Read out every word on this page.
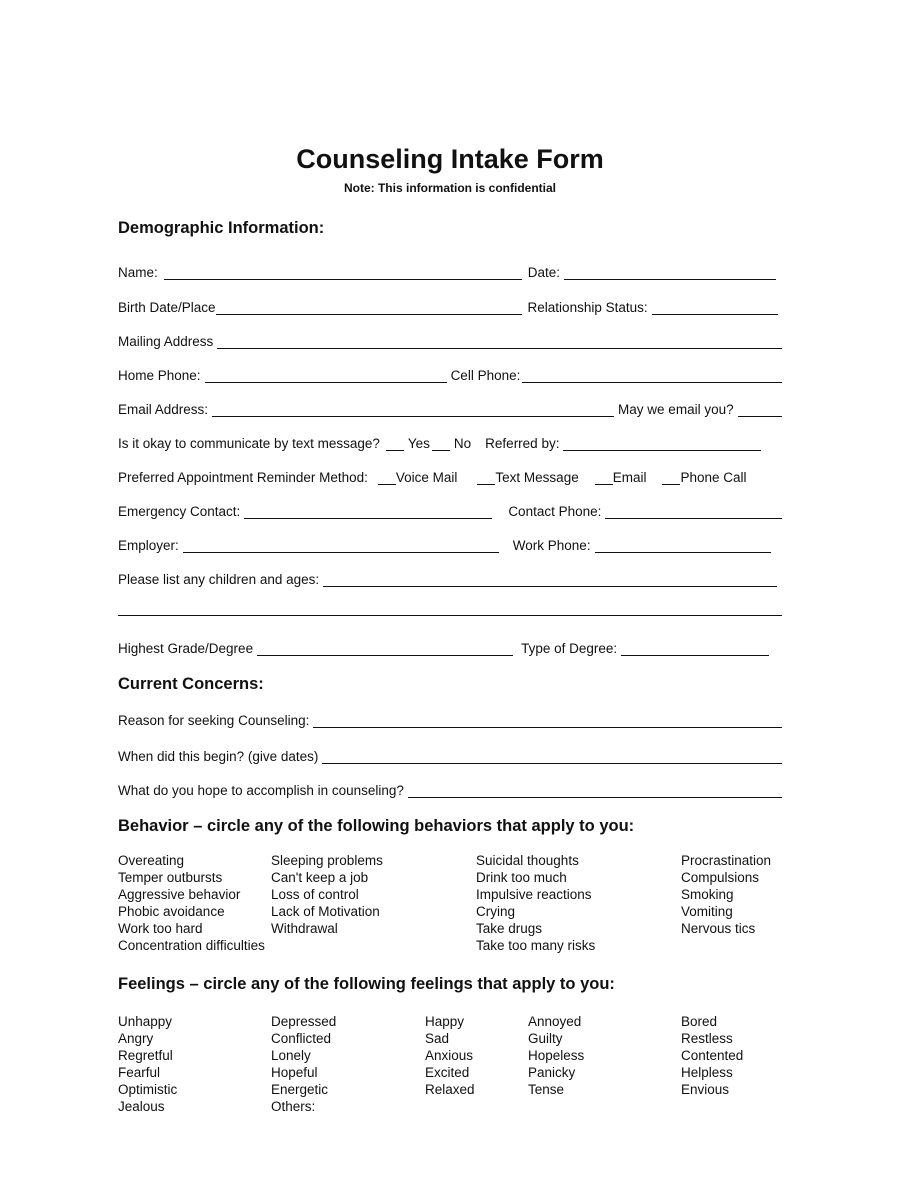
Counseling Intake Form
Note: This information is confidential
Demographic Information:
Name:	Date:
Birth Date/Place	Relationship Status:
Mailing Address
Home Phone:	Cell Phone:
Email Address:	May we email you?
Is it okay to communicate by text message? Yes No Referred by:
Preferred Appointment Reminder Method: Voice Mail	Text Message	Email	Phone Call
Emergency Contact:	Contact Phone:
Employer:	Work Phone:
Please list any children and ages:
Highest Grade/Degree	Type of Degree:
Current Concerns:
Reason for seeking Counseling:
When did this begin? (give dates)
What do you hope to accomplish in counseling?
Behavior – circle any of the following behaviors that apply to you:
Overeating
Temper outbursts
Aggressive behavior
Phobic avoidance
Work too hard
Concentration difficulties
Sleeping problems
Can't keep a job
Loss of control
Lack of Motivation
Withdrawal
Suicidal thoughts
Drink too much
Impulsive reactions
Crying
Take drugs
Take too many risks
Procrastination
Compulsions
Smoking
Vomiting
Nervous tics
Feelings – circle any of the following feelings that apply to you:
Unhappy
Angry
Regretful
Fearful
Optimistic
Jealous
Depressed
Conflicted
Lonely
Hopeful
Energetic
Others:
Happy
Sad
Anxious
Excited
Relaxed
Annoyed
Guilty
Hopeless
Panicky
Tense
Bored
Restless
Contented
Helpless
Envious
